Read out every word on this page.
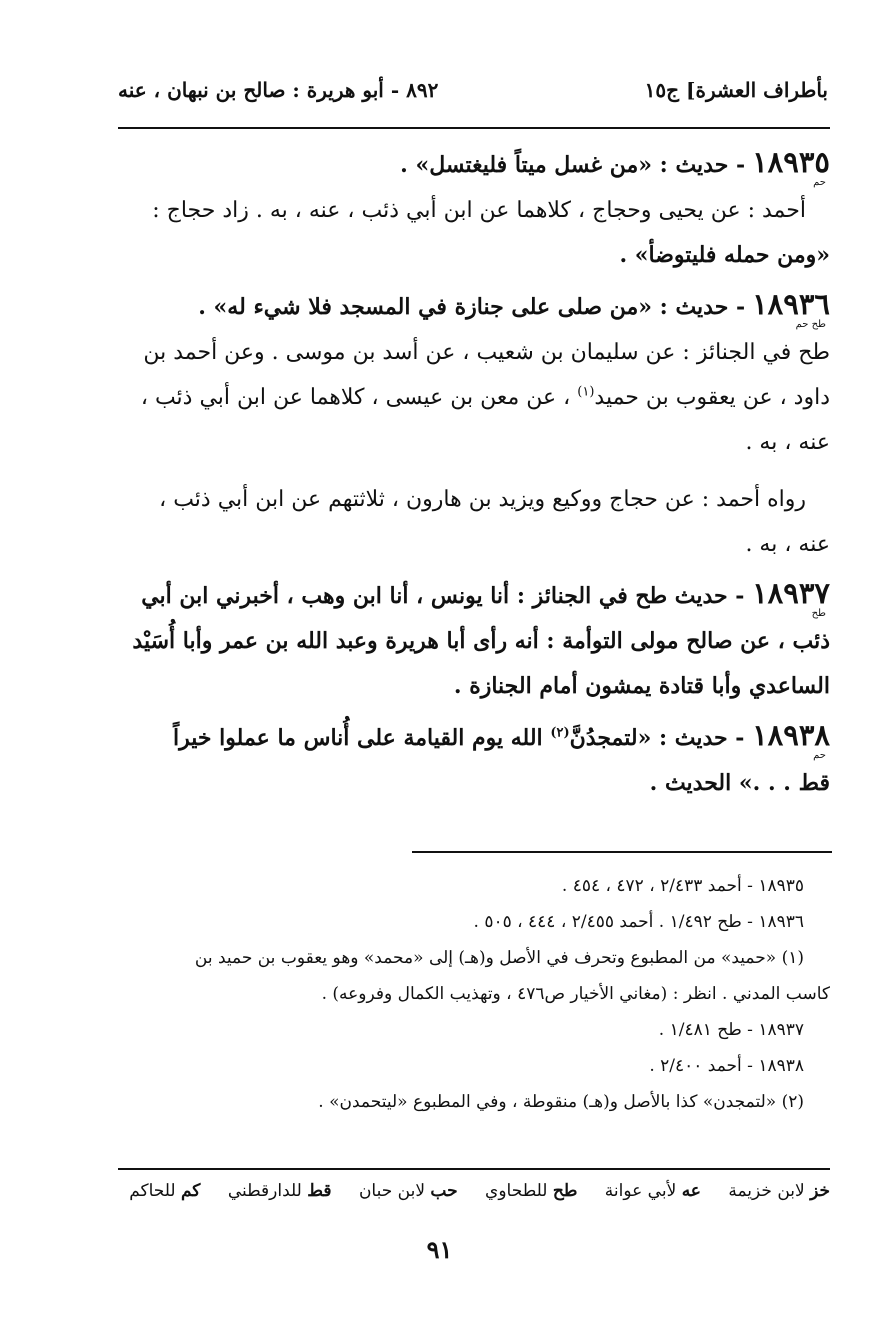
بأطراف العشرة] ج١٥
٨٩٢ - أبو هريرة : صالح بن نبهان ، عنه

١٨٩٣٥
حم
- حديث : «من غسل ميتاً فليغتسل» .

أحمد : عن يحيى وحجاج ، كلاهما عن ابن أبي ذئب ، عنه ، به . زاد حجاج :

«ومن حمله فليتوضأ» .

١٨٩٣٦
طح حم
- حديث : «من صلى على جنازة في المسجد فلا شيء له» .

طح في الجنائز : عن سليمان بن شعيب ، عن أسد بن موسى . وعن أحمد بن

داود ، عن يعقوب بن حميد$^{(١)}$ ، عن معن بن عيسى ، كلاهما عن ابن أبي ذئب ،

عنه ، به .

رواه أحمد : عن حجاج ووكيع ويزيد بن هارون ، ثلاثتهم عن ابن أبي ذئب ،

عنه ، به .

١٨٩٣٧
طح
- حديث طح في الجنائز : أنا يونس ، أنا ابن وهب ، أخبرني ابن أبي

ذئب ، عن صالح مولى التوأمة : أنه رأى أبا هريرة وعبد الله بن عمر وأبا أُسَيْد

الساعدي وأبا قتادة يمشون أمام الجنازة .

١٨٩٣٨
حم
- حديث : «لتمجدُنَّ$^{(٢)}$ الله يوم القيامة على أُناس ما عملوا خيراً

قط . . .» الحديث .

١٨٩٣٥ - أحمد ٢/٤٣٣ ، ٤٧٢ ، ٤٥٤ .

١٨٩٣٦ - طح ١/٤٩٢ . أحمد ٢/٤٥٥ ، ٤٤٤ ، ٥٠٥ .

(١) «حميد» من المطبوع وتحرف في الأصل و(هـ) إلى «محمد» وهو يعقوب بن حميد بن

كاسب المدني . انظر : (مغاني الأخيار ص٤٧٦ ، وتهذيب الكمال وفروعه) .

١٨٩٣٧ - طح ١/٤٨١ .

١٨٩٣٨ - أحمد ٢/٤٠٠ .

(٢) «لتمجدن» كذا بالأصل و(هـ) منقوطة ، وفي المطبوع «ليتحمدن» .

خز لابن خزيمة عه لأبي عوانة طح للطحاوي حب لابن حبان قط للدارقطني كم للحاكم
٩١
